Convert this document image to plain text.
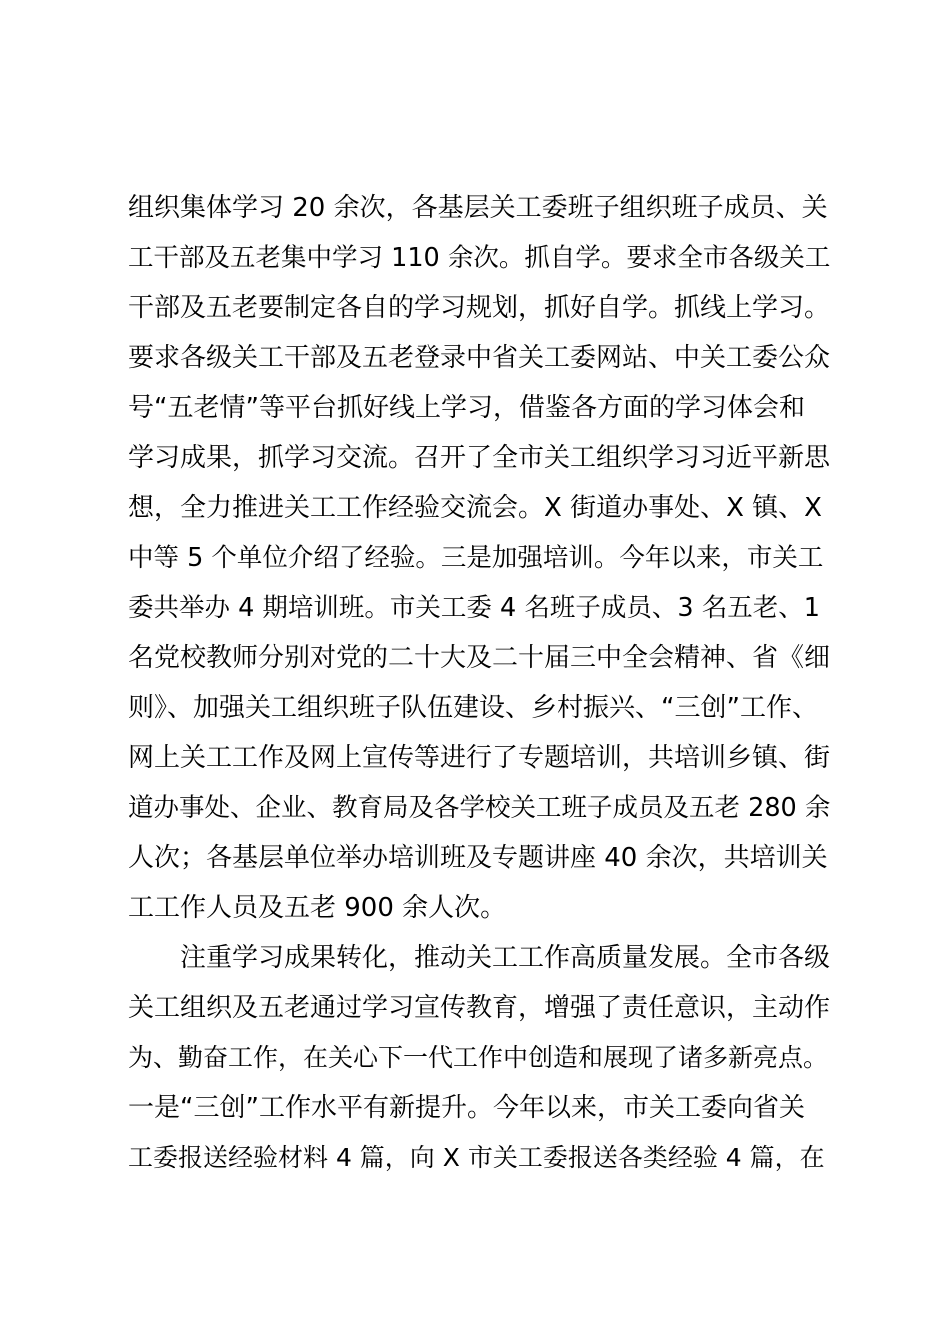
组织集体学习 20 余次，各基层关工委班子组织班子成员、关
工干部及五老集中学习 110 余次。抓自学。要求全市各级关工
干部及五老要制定各自的学习规划，抓好自学。抓线上学习。
要求各级关工干部及五老登录中省关工委网站、中关工委公众
号“五老情”等平台抓好线上学习，借鉴各方面的学习体会和
学习成果，抓学习交流。召开了全市关工组织学习习近平新思
想，全力推进关工工作经验交流会。X 街道办事处、X 镇、X
中等 5 个单位介绍了经验。三是加强培训。今年以来，市关工
委共举办 4 期培训班。市关工委 4 名班子成员、3 名五老、1
名党校教师分别对党的二十大及二十届三中全会精神、省《细
则》、加强关工组织班子队伍建设、乡村振兴、“三创”工作、
网上关工工作及网上宣传等进行了专题培训，共培训乡镇、街
道办事处、企业、教育局及各学校关工班子成员及五老 280 余
人次；各基层单位举办培训班及专题讲座 40 余次，共培训关
工工作人员及五老 900 余人次。
注重学习成果转化，推动关工工作高质量发展。全市各级
关工组织及五老通过学习宣传教育，增强了责任意识，主动作
为、勤奋工作，在关心下一代工作中创造和展现了诸多新亮点。
一是“三创”工作水平有新提升。今年以来，市关工委向省关
工委报送经验材料 4 篇，向 X 市关工委报送各类经验 4 篇，在
